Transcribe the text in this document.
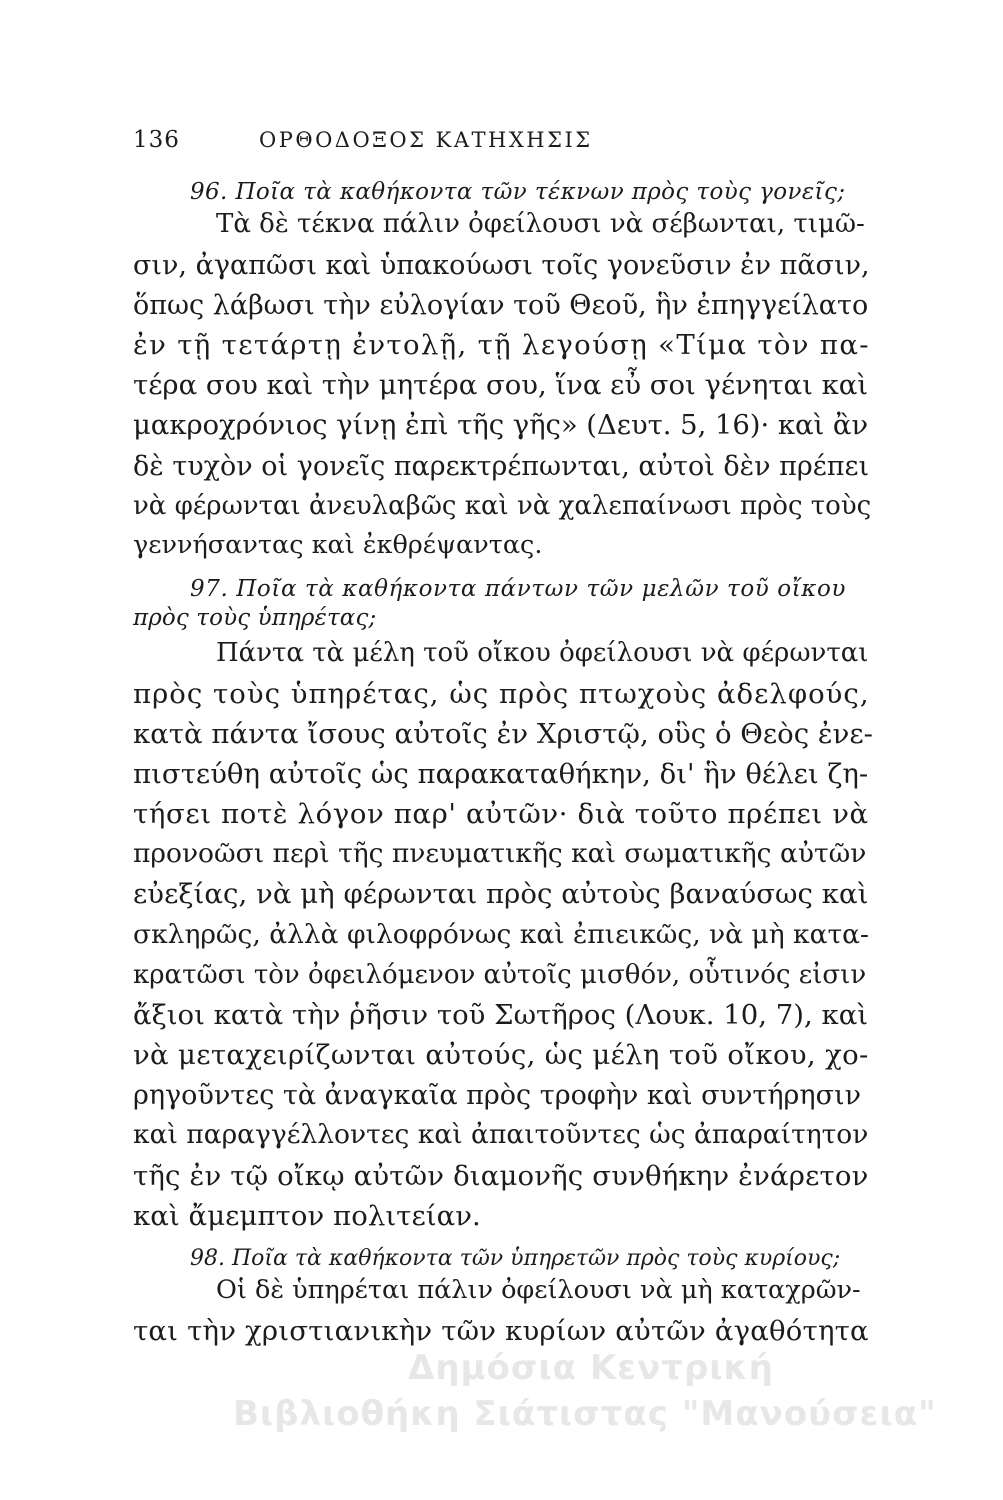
136	ΟΡΘΟΔΟΞΟΣ ΚΑΤΗΧΗΣΙΣ
96. Ποῖα τὰ καθήκοντα τῶν τέκνων πρὸς τοὺς γονεῖς;
Τὰ δὲ τέκνα πάλιν ὀφείλουσι νὰ σέβωνται, τιμῶ-
σιν, ἀγαπῶσι καὶ ὑπακούωσι τοῖς γονεῦσιν ἐν πᾶσιν,
ὅπως λάβωσι τὴν εὐλογίαν τοῦ Θεοῦ, ἣν ἐπηγγείλατο
ἐν τῇ τετάρτῃ ἐντολῇ, τῇ λεγούσῃ «Τίμα τὸν πα-
τέρα σου καὶ τὴν μητέρα σου, ἵνα εὖ σοι γένηται καὶ
μακροχρόνιος γίνῃ ἐπὶ τῆς γῆς» (Δευτ. 5, 16)· καὶ ἂν
δὲ τυχὸν οἱ γονεῖς παρεκτρέπωνται, αὐτοὶ δὲν πρέπει
νὰ φέρωνται ἀνευλαβῶς καὶ νὰ χαλεπαίνωσι πρὸς τοὺς
γεννήσαντας καὶ ἐκθρέψαντας.
97. Ποῖα τὰ καθήκοντα πάντων τῶν μελῶν τοῦ οἴκου
πρὸς τοὺς ὑπηρέτας;
Πάντα τὰ μέλη τοῦ οἴκου ὀφείλουσι νὰ φέρωνται
πρὸς τοὺς ὑπηρέτας, ὡς πρὸς πτωχοὺς ἀδελφούς,
κατὰ πάντα ἴσους αὐτοῖς ἐν Χριστῷ, οὓς ὁ Θεὸς ἐνε-
πιστεύθη αὐτοῖς ὡς παρακαταθήκην, δι' ἣν θέλει ζη-
τήσει ποτὲ λόγον παρ' αὐτῶν· διὰ τοῦτο πρέπει νὰ
προνοῶσι περὶ τῆς πνευματικῆς καὶ σωματικῆς αὐτῶν
εὐεξίας, νὰ μὴ φέρωνται πρὸς αὐτοὺς βαναύσως καὶ
σκληρῶς, ἀλλὰ φιλοφρόνως καὶ ἐπιεικῶς, νὰ μὴ κατα-
κρατῶσι τὸν ὀφειλόμενον αὐτοῖς μισθόν, οὗτινός εἰσιν
ἄξιοι κατὰ τὴν ῥῆσιν τοῦ Σωτῆρος (Λουκ. 10, 7), καὶ
νὰ μεταχειρίζωνται αὐτούς, ὡς μέλη τοῦ οἴκου, χο-
ρηγοῦντες τὰ ἀναγκαῖα πρὸς τροφὴν καὶ συντήρησιν
καὶ παραγγέλλοντες καὶ ἀπαιτοῦντες ὡς ἀπαραίτητον
τῆς ἐν τῷ οἴκῳ αὐτῶν διαμονῆς συνθήκην ἐνάρετον
καὶ ἄμεμπτον πολιτείαν.
98. Ποῖα τὰ καθήκοντα τῶν ὑπηρετῶν πρὸς τοὺς κυρίους;
Οἱ δὲ ὑπηρέται πάλιν ὀφείλουσι νὰ μὴ καταχρῶν-
ται τὴν χριστιανικὴν τῶν κυρίων αὐτῶν ἀγαθότητα
Δημόσια Κεντρική
Βιβλιοθήκη Σιάτιστας "Μανούσεια"
